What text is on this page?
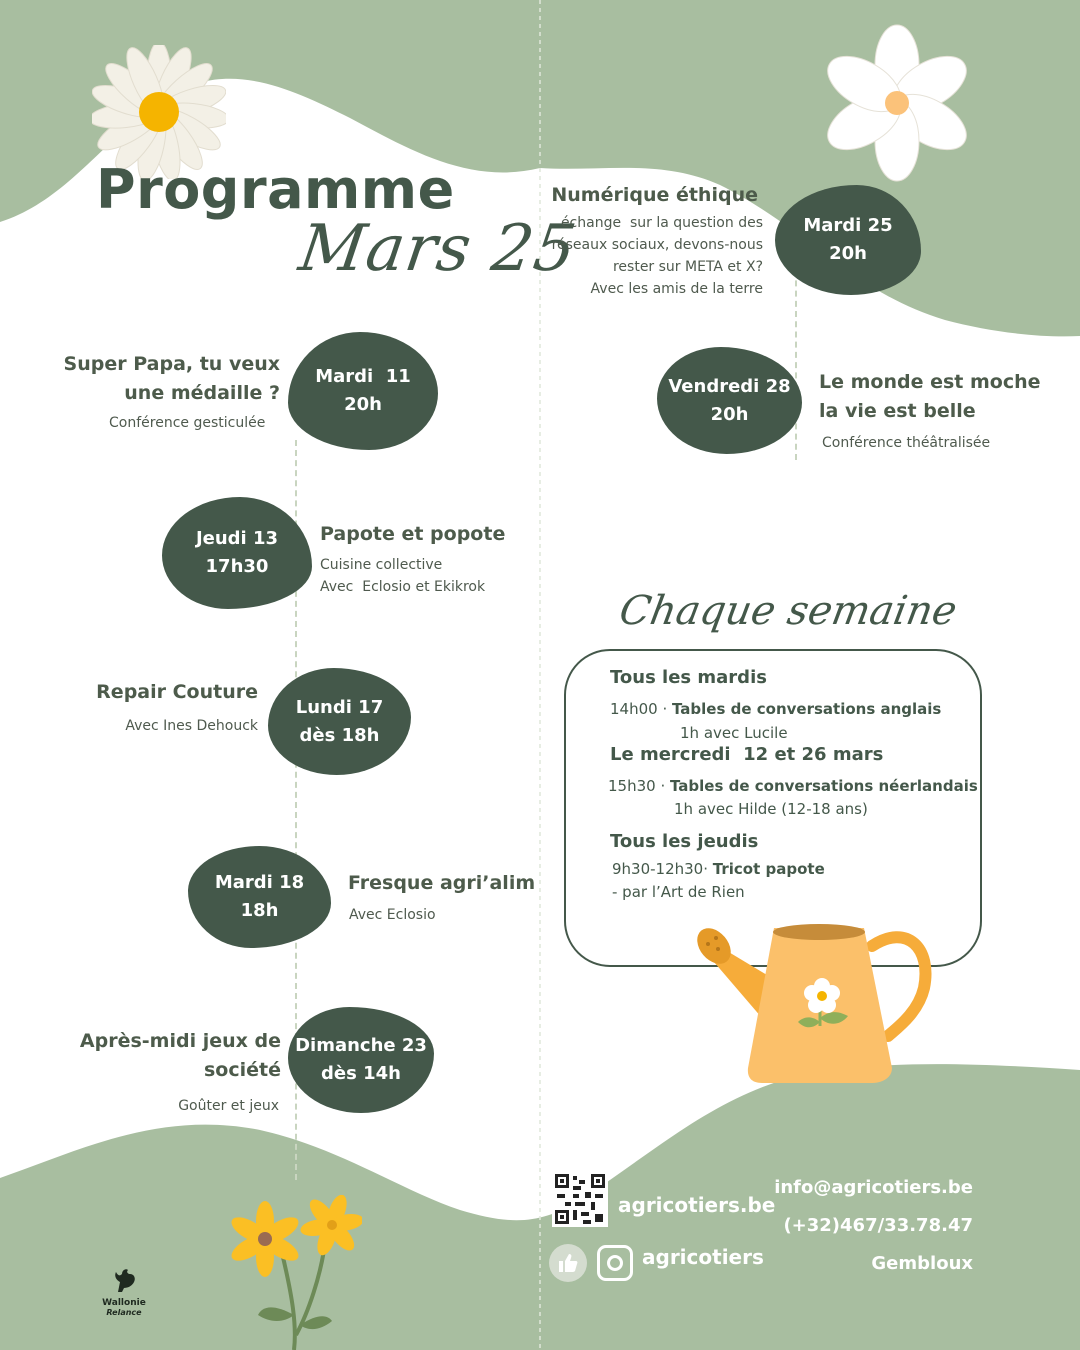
Programme
Mars 25
Mardi  11
20h
Super Papa, tu veux
une médaille ?
Conférence gesticulée
Jeudi 13
17h30
Papote et popote
Cuisine collective
Avec  Eclosio et Ekikrok
Lundi 17
dès 18h
Repair Couture
Avec Ines Dehouck
Mardi 18
18h
Fresque agri’alim
Avec Eclosio
Dimanche 23
dès 14h
Après-midi jeux de
société
Goûter et jeux
Mardi 25
20h
Numérique éthique
échange  sur la question des
réseaux sociaux, devons-nous
rester sur META et X?
Avec les amis de la terre
Vendredi 28
20h
Le monde est moche
la vie est belle
Conférence théâtralisée
Chaque semaine
Tous les mardis
14h00 · Tables de conversations anglais
1h avec Lucile
Le mercredi  12 et 26 mars
15h30 · Tables de conversations néerlandais
1h avec Hilde (12-18 ans)
Tous les jeudis
9h30-12h30· Tricot papote
- par l’Art de Rien
Wallonie
Relance
agricotiers.be
agricotiers
info@agricotiers.be
(+32)467/33.78.47
Gembloux
